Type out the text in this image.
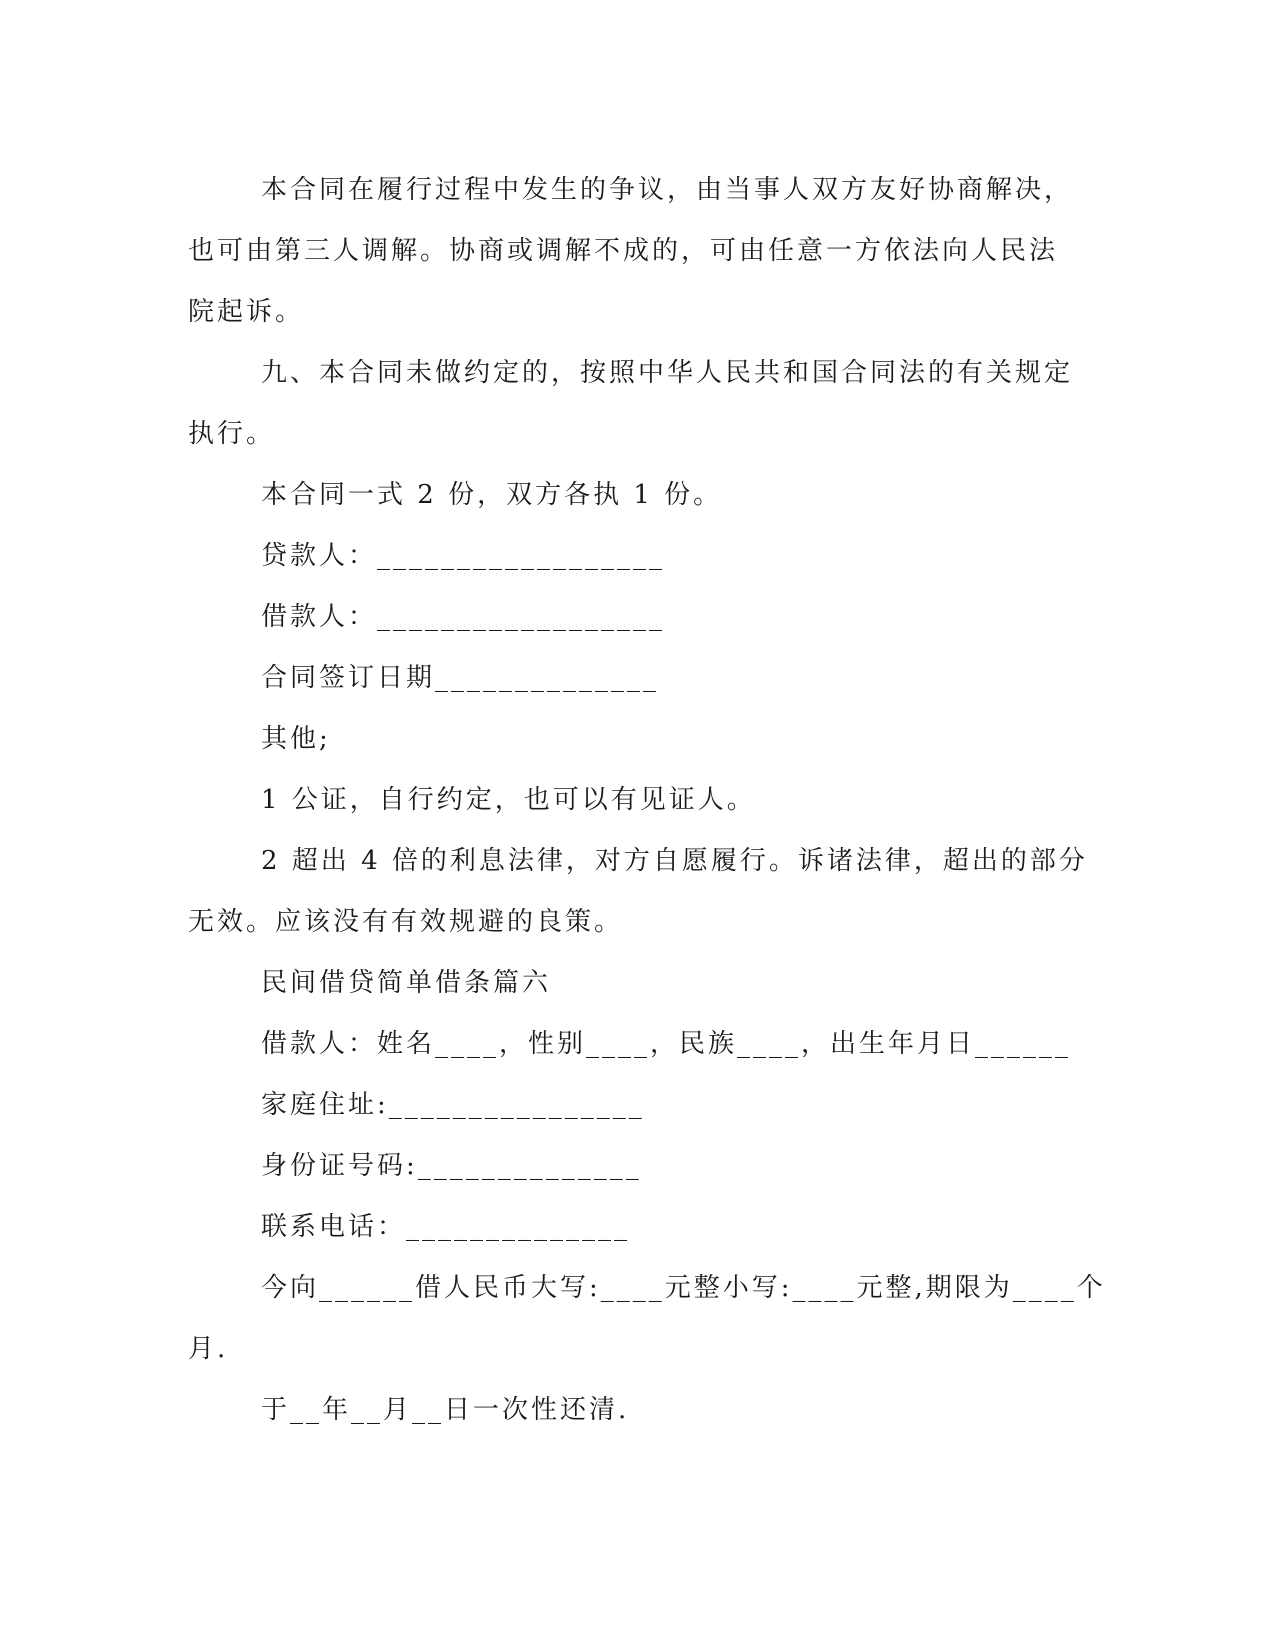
本合同在履行过程中发生的争议，由当事人双方友好协商解决，
也可由第三人调解。协商或调解不成的，可由任意一方依法向人民法
院起诉。
九、本合同未做约定的，按照中华人民共和国合同法的有关规定
执行。
本合同一式 2 份，双方各执 1 份。
贷款人：__________________
借款人：__________________
合同签订日期______________
其他;
1 公证，自行约定，也可以有见证人。
2 超出 4 倍的利息法律，对方自愿履行。诉诸法律，超出的部分
无效。应该没有有效规避的良策。
民间借贷简单借条篇六
借款人：姓名____，性别____，民族____，出生年月日______
家庭住址:________________
身份证号码:______________
联系电话：______________
今向______借人民币大写:____元整小写:____元整,期限为____个
月.
于__年__月__日一次性还清.
